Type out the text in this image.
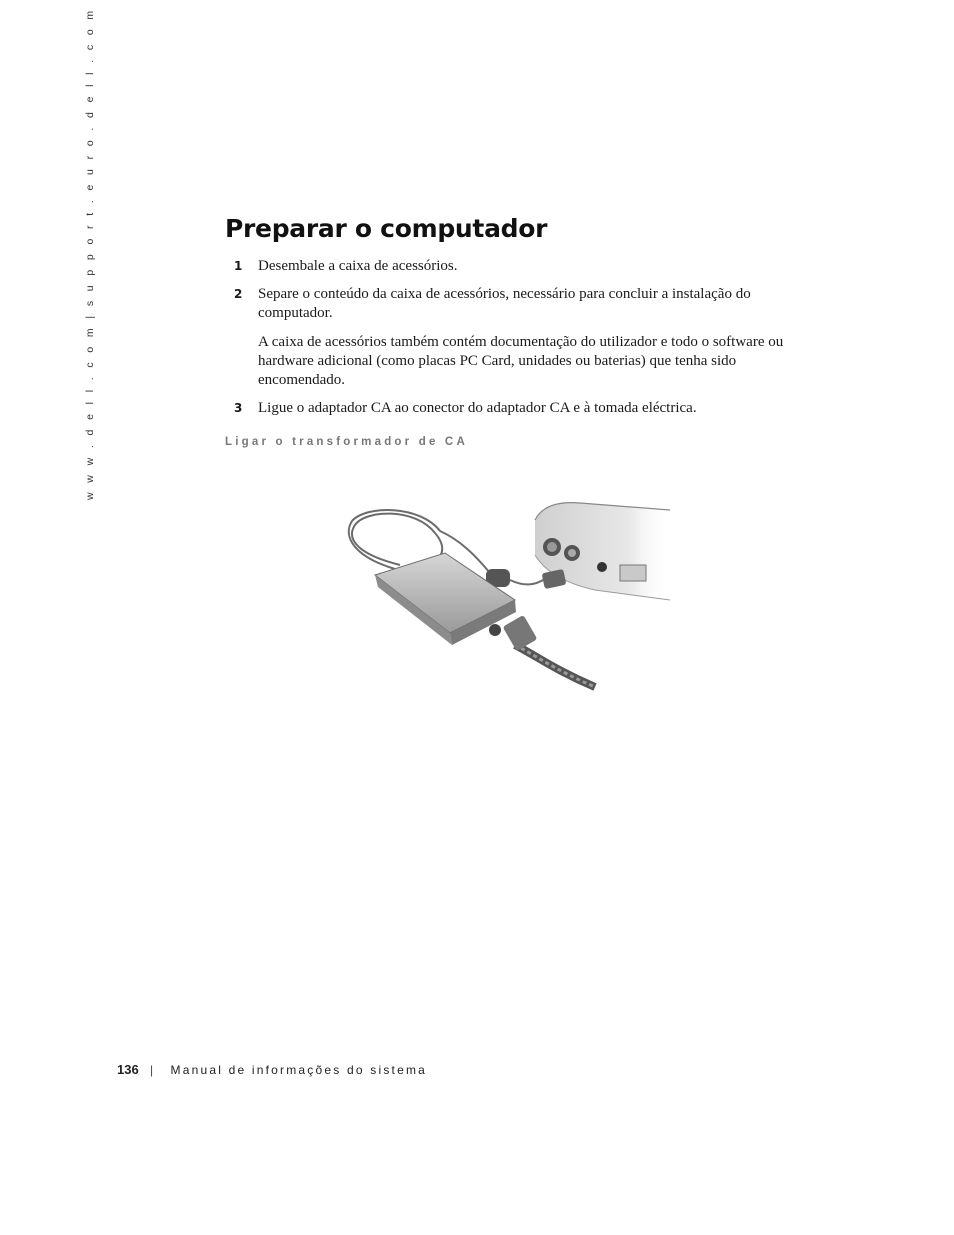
w w w . d e l l . c o m | s u p p o r t . e u r o . d e l l . c o m	Preparar o computador
1	Desembale a caixa de acessórios.

2	Separe o conteúdo da caixa de acessórios, necessário para concluir a instalação do computador.

A caixa de acessórios também contém documentação do utilizador e todo o software ou hardware adicional (como placas PC Card, unidades ou baterias) que tenha sido encomendado.

3	Ligue o adaptador CA ao conector do adaptador CA e à tomada eléctrica.

Ligar o transformador de CA
136 | Manual de informações do sistema
